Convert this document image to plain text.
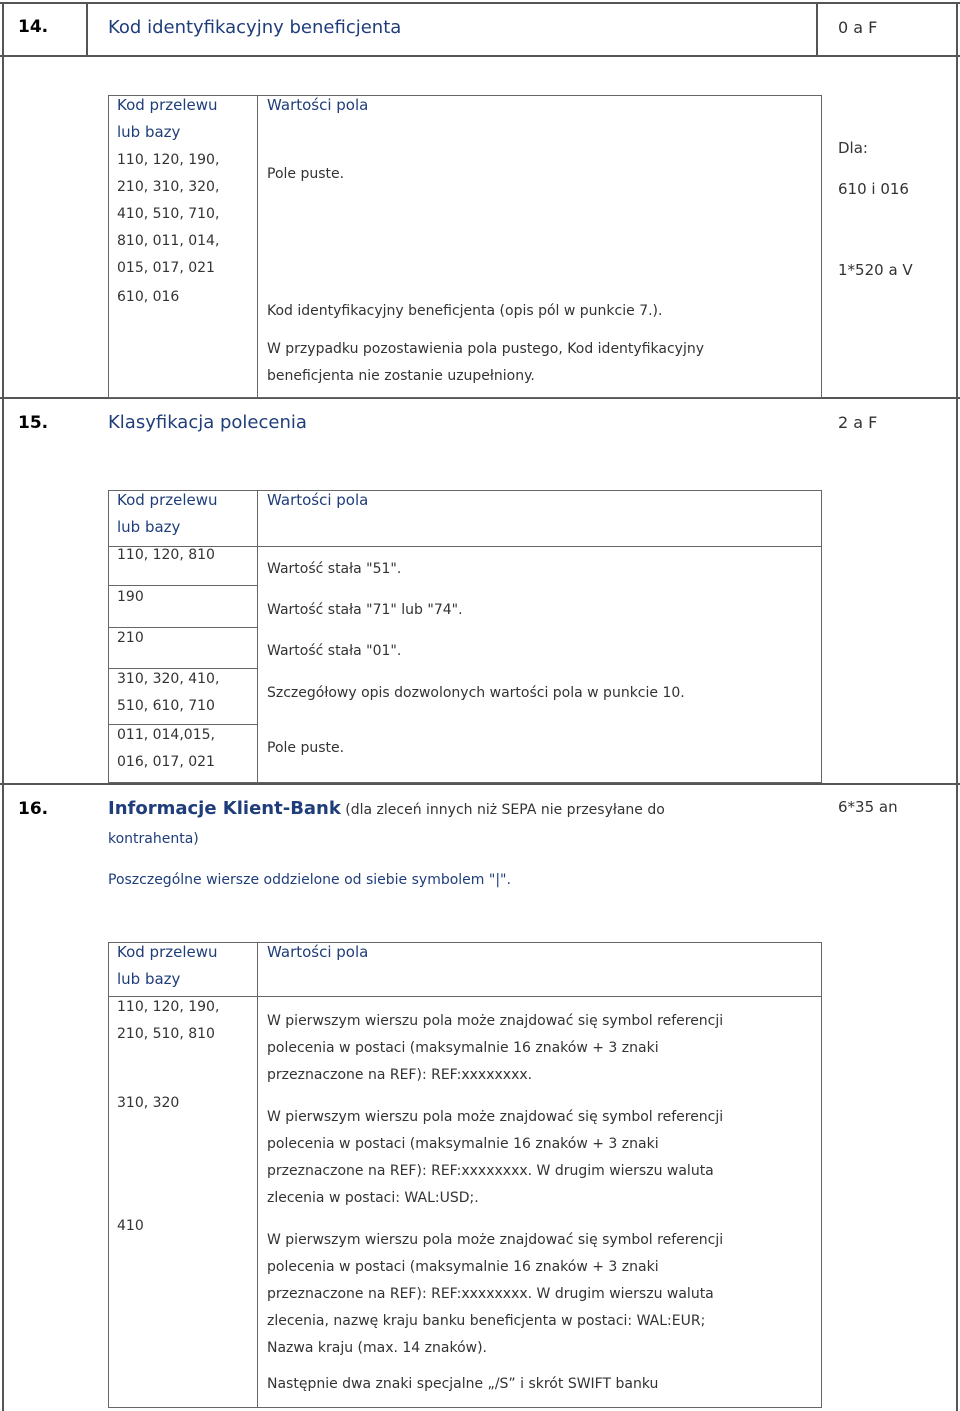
14.	Kod identyfikacyjny beneficjenta	0 a F
Dla:
610 i 016
1*520 a V
Kod przelewu
lub bazy
Wartości pola
110, 120, 190,
210, 310, 320,
410, 510, 710,
810, 011, 014,
015, 017, 021
Pole puste.
610, 016
Kod identyfikacyjny beneficjenta (opis pól w punkcie 7.).
W przypadku pozostawienia pola pustego, Kod identyfikacyjny
beneficjenta nie zostanie uzupełniony.
15.	Klasyfikacja polecenia	2 a F
Kod przelewu
lub bazy
Wartości pola
110, 120, 810
Wartość stała "51".
190
Wartość stała "71" lub "74".
210
Wartość stała "01".
310, 320, 410,
510, 610, 710
Szczegółowy opis dozwolonych wartości pola w punkcie 10.
011, 014,015,
016, 017, 021
Pole puste.
16.	Informacje Klient-Bank (dla zleceń innych niż SEPA nie przesyłane do
kontrahenta)
6*35 an
Poszczególne wiersze oddzielone od siebie symbolem "|".
Kod przelewu
lub bazy
Wartości pola
110, 120, 190,
210, 510, 810
W pierwszym wierszu pola może znajdować się symbol referencji
polecenia w postaci (maksymalnie 16 znaków + 3 znaki
przeznaczone na REF): REF:xxxxxxxx.
310, 320
W pierwszym wierszu pola może znajdować się symbol referencji
polecenia w postaci (maksymalnie 16 znaków + 3 znaki
przeznaczone na REF): REF:xxxxxxxx. W drugim wierszu waluta
zlecenia w postaci: WAL:USD;.
410
W pierwszym wierszu pola może znajdować się symbol referencji
polecenia w postaci (maksymalnie 16 znaków + 3 znaki
przeznaczone na REF): REF:xxxxxxxx. W drugim wierszu waluta
zlecenia, nazwę kraju banku beneficjenta w postaci: WAL:EUR;
Nazwa kraju (max. 14 znaków).
Następnie dwa znaki specjalne „/S” i skrót SWIFT banku
